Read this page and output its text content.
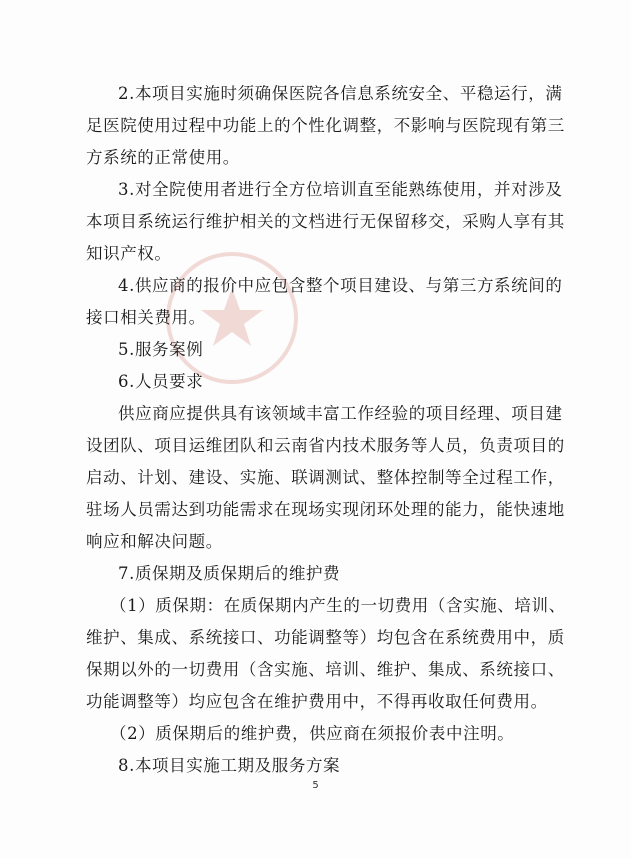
2.本项目实施时须确保医院各信息系统安全、平稳运行，满
足医院使用过程中功能上的个性化调整，不影响与医院现有第三
方系统的正常使用。
3.对全院使用者进行全方位培训直至能熟练使用，并对涉及
本项目系统运行维护相关的文档进行无保留移交，采购人享有其
知识产权。
4.供应商的报价中应包含整个项目建设、与第三方系统间的
接口相关费用。
5.服务案例
6.人员要求
供应商应提供具有该领域丰富工作经验的项目经理、项目建
设团队、项目运维团队和云南省内技术服务等人员，负责项目的
启动、计划、建设、实施、联调测试、整体控制等全过程工作，
驻场人员需达到功能需求在现场实现闭环处理的能力，能快速地
响应和解决问题。
7.质保期及质保期后的维护费
（1）质保期：在质保期内产生的一切费用（含实施、培训、
维护、集成、系统接口、功能调整等）均包含在系统费用中，质
保期以外的一切费用（含实施、培训、维护、集成、系统接口、
功能调整等）均应包含在维护费用中，不得再收取任何费用。
（2）质保期后的维护费，供应商在须报价表中注明。
8.本项目实施工期及服务方案
5
